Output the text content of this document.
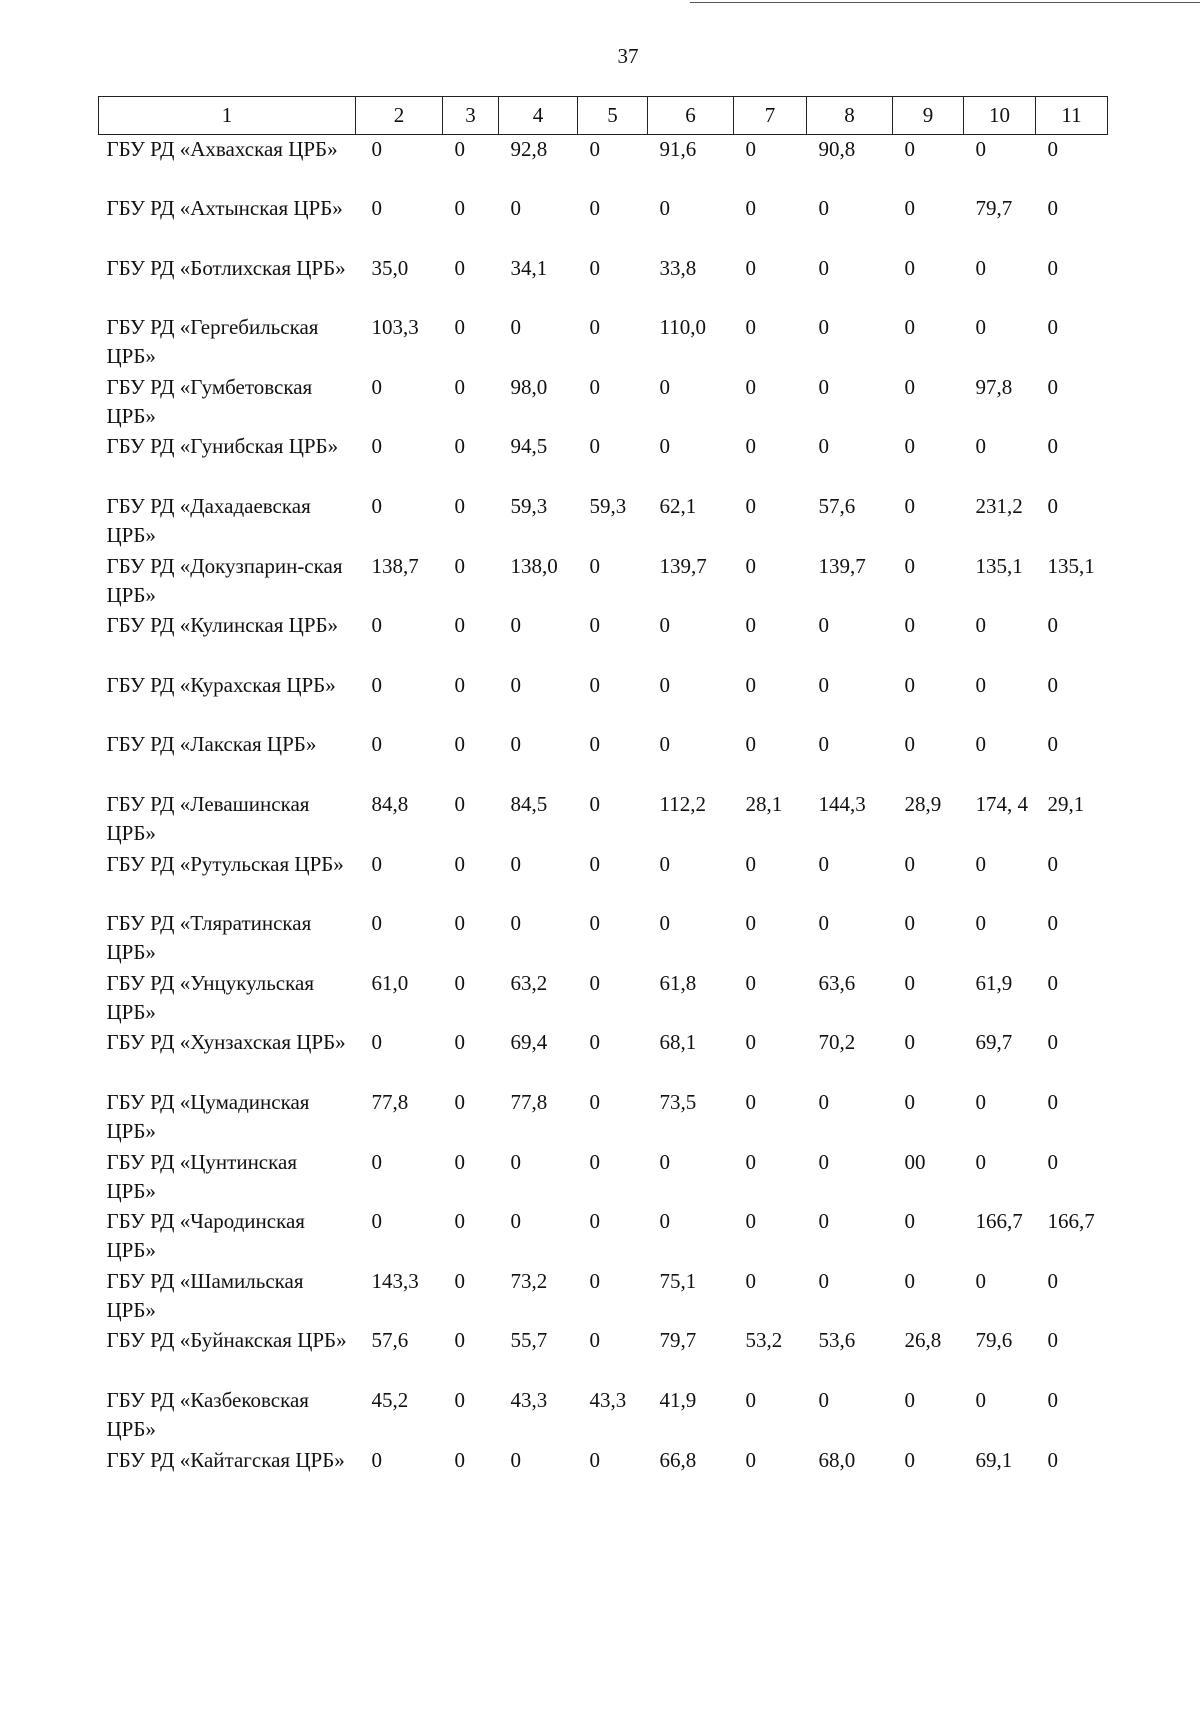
37
1	2	3	4	5	6	7	8	9	10	11
ГБУ РД «Ахвахская ЦРБ»	0	0	92,8	0	91,6	0	90,8	0	0	0
ГБУ РД «Ахтынская ЦРБ»	0	0	0	0	0	0	0	0	79,7	0
ГБУ РД «Ботлихская ЦРБ»	35,0	0	34,1	0	33,8	0	0	0	0	0
ГБУ РД «Гергебильская ЦРБ»	103,3	0	0	0	110,0	0	0	0	0	0
ГБУ РД «Гумбетовская ЦРБ»	0	0	98,0	0	0	0	0	0	97,8	0
ГБУ РД «Гунибская ЦРБ»	0	0	94,5	0	0	0	0	0	0	0
ГБУ РД «Дахадаевская ЦРБ»	0	0	59,3	59,3	62,1	0	57,6	0	231,2	0
ГБУ РД «Докузпарин-ская ЦРБ»	138,7	0	138,0	0	139,7	0	139,7	0	135,1	135,1
ГБУ РД «Кулинская ЦРБ»	0	0	0	0	0	0	0	0	0	0
ГБУ РД «Курахская ЦРБ»	0	0	0	0	0	0	0	0	0	0
ГБУ РД «Лакская ЦРБ»	0	0	0	0	0	0	0	0	0	0
ГБУ РД «Левашинская ЦРБ»	84,8	0	84,5	0	112,2	28,1	144,3	28,9	174, 4	29,1
ГБУ РД «Рутульская ЦРБ»	0	0	0	0	0	0	0	0	0	0
ГБУ РД «Тляратинская ЦРБ»	0	0	0	0	0	0	0	0	0	0
ГБУ РД «Унцукульская ЦРБ»	61,0	0	63,2	0	61,8	0	63,6	0	61,9	0
ГБУ РД «Хунзахская ЦРБ»	0	0	69,4	0	68,1	0	70,2	0	69,7	0
ГБУ РД «Цумадинская ЦРБ»	77,8	0	77,8	0	73,5	0	0	0	0	0
ГБУ РД «Цунтинская ЦРБ»	0	0	0	0	0	0	0	00	0	0
ГБУ РД «Чародинская ЦРБ»	0	0	0	0	0	0	0	0	166,7	166,7
ГБУ РД «Шамильская ЦРБ»	143,3	0	73,2	0	75,1	0	0	0	0	0
ГБУ РД «Буйнакская ЦРБ»	57,6	0	55,7	0	79,7	53,2	53,6	26,8	79,6	0
ГБУ РД «Казбековская ЦРБ»	45,2	0	43,3	43,3	41,9	0	0	0	0	0
ГБУ РД «Кайтагская ЦРБ»	0	0	0	0	66,8	0	68,0	0	69,1	0
